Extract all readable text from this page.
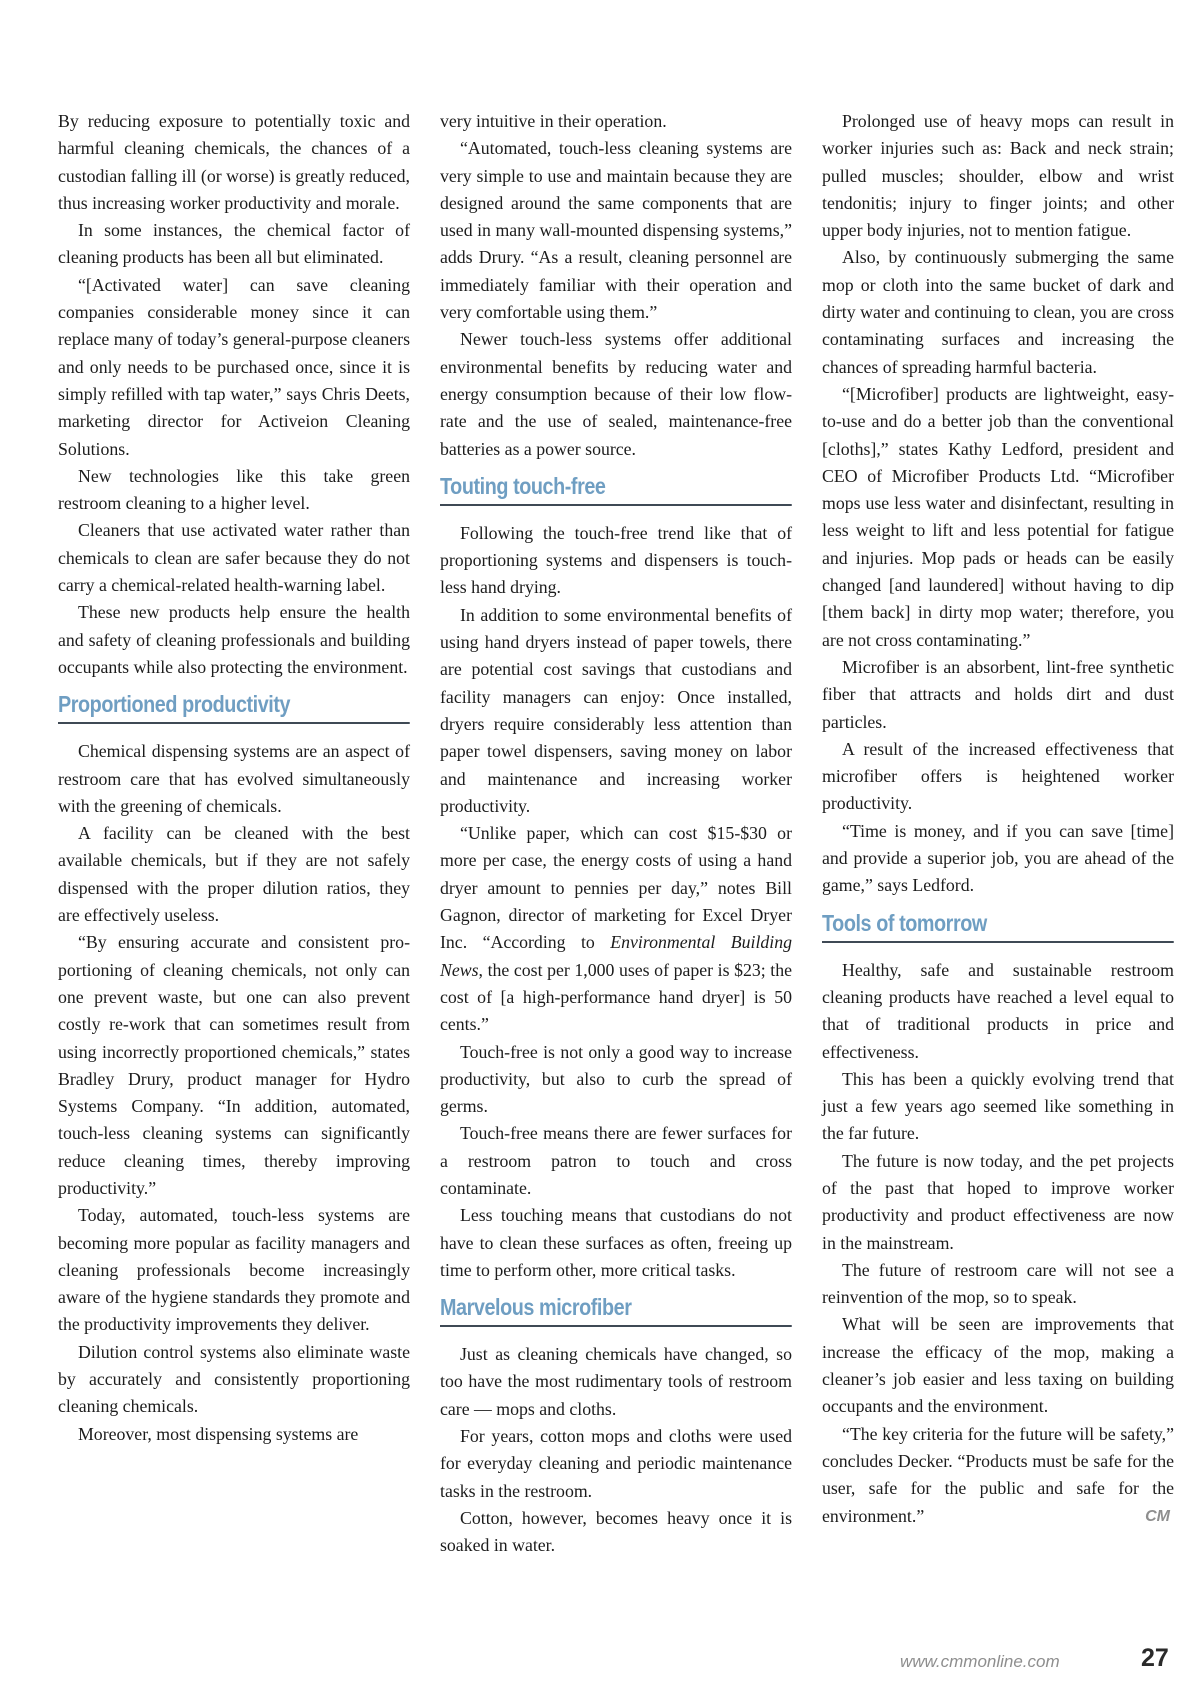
By reducing exposure to potentially toxic and harmful cleaning chemicals, the chances of a custodian falling ill (or worse) is greatly reduced, thus increasing worker productivity and morale.

In some instances, the chemical factor of cleaning products has been all but eliminated.

“[Activated water] can save cleaning companies considerable money since it can replace many of today’s general-purpose cleaners and only needs to be purchased once, since it is simply refilled with tap water,” says Chris Deets, marketing director for Activeion Cleaning Solutions.

New technologies like this take green restroom cleaning to a higher level.

Cleaners that use activated water rather than chemicals to clean are safer because they do not carry a chemical-related health-warning label.

These new products help ensure the health and safety of cleaning professionals and building occupants while also protecting the environment.

Proportioned productivity

Chemical dispensing systems are an aspect of restroom care that has evolved simultaneously with the greening of chemicals.

A facility can be cleaned with the best available chemicals, but if they are not safely dispensed with the proper dilution ratios, they are effectively useless.

“By ensuring accurate and consistent proportioning of cleaning chemicals, not only can one prevent waste, but one can also prevent costly re-work that can sometimes result from using incorrectly proportioned chemicals,” states Bradley Drury, product manager for Hydro Systems Company. “In addition, automated, touch-less cleaning systems can significantly reduce cleaning times, thereby improving productivity.”

Today, automated, touch-less systems are becoming more popular as facility managers and cleaning professionals become increasingly aware of the hygiene standards they promote and the productivity improvements they deliver.

Dilution control systems also eliminate waste by accurately and consistently proportioning cleaning chemicals.

Moreover, most dispensing systems are

very intuitive in their operation.

“Automated, touch-less cleaning systems are very simple to use and maintain because they are designed around the same components that are used in many wall-mounted dispensing systems,” adds Drury. “As a result, cleaning personnel are immediately familiar with their operation and very comfortable using them.”

Newer touch-less systems offer additional environmental benefits by reducing water and energy consumption because of their low flow-rate and the use of sealed, maintenance-free batteries as a power source.

Touting touch-free

Following the touch-free trend like that of proportioning systems and dispensers is touch-less hand drying.

In addition to some environmental benefits of using hand dryers instead of paper towels, there are potential cost savings that custodians and facility managers can enjoy: Once installed, dryers require considerably less attention than paper towel dispensers, saving money on labor and maintenance and increasing worker productivity.

“Unlike paper, which can cost $15-$30 or more per case, the energy costs of using a hand dryer amount to pennies per day,” notes Bill Gagnon, director of marketing for Excel Dryer Inc. “According to Environmental Building News, the cost per 1,000 uses of paper is $23; the cost of [a high-performance hand dryer] is 50 cents.”

Touch-free is not only a good way to increase productivity, but also to curb the spread of germs.

Touch-free means there are fewer surfaces for a restroom patron to touch and cross contaminate.

Less touching means that custodians do not have to clean these surfaces as often, freeing up time to perform other, more critical tasks.

Marvelous microfiber

Just as cleaning chemicals have changed, so too have the most rudimentary tools of restroom care — mops and cloths.

For years, cotton mops and cloths were used for everyday cleaning and periodic maintenance tasks in the restroom.

Cotton, however, becomes heavy once it is soaked in water.

Prolonged use of heavy mops can result in worker injuries such as: Back and neck strain; pulled muscles; shoulder, elbow and wrist tendonitis; injury to finger joints; and other upper body injuries, not to mention fatigue.

Also, by continuously submerging the same mop or cloth into the same bucket of dark and dirty water and continuing to clean, you are cross contaminating surfaces and increasing the chances of spreading harmful bacteria.

“[Microfiber] products are lightweight, easy-to-use and do a better job than the conventional [cloths],” states Kathy Ledford, president and CEO of Microfiber Products Ltd. “Microfiber mops use less water and disinfectant, resulting in less weight to lift and less potential for fatigue and injuries. Mop pads or heads can be easily changed [and laundered] without having to dip [them back] in dirty mop water; therefore, you are not cross contaminating.”

Microfiber is an absorbent, lint-free synthetic fiber that attracts and holds dirt and dust particles.

A result of the increased effectiveness that microfiber offers is heightened worker productivity.

“Time is money, and if you can save [time] and provide a superior job, you are ahead of the game,” says Ledford.

Tools of tomorrow

Healthy, safe and sustainable restroom cleaning products have reached a level equal to that of traditional products in price and effectiveness.

This has been a quickly evolving trend that just a few years ago seemed like something in the far future.

The future is now today, and the pet projects of the past that hoped to improve worker productivity and product effectiveness are now in the mainstream.

The future of restroom care will not see a reinvention of the mop, so to speak.

What will be seen are improvements that increase the efficacy of the mop, making a cleaner’s job easier and less taxing on building occupants and the environment.

“The key criteria for the future will be safety,” concludes Decker. “Products must be safe for the user, safe for the public and safe for the environment.”	CM

www.cmmonline.com	27
